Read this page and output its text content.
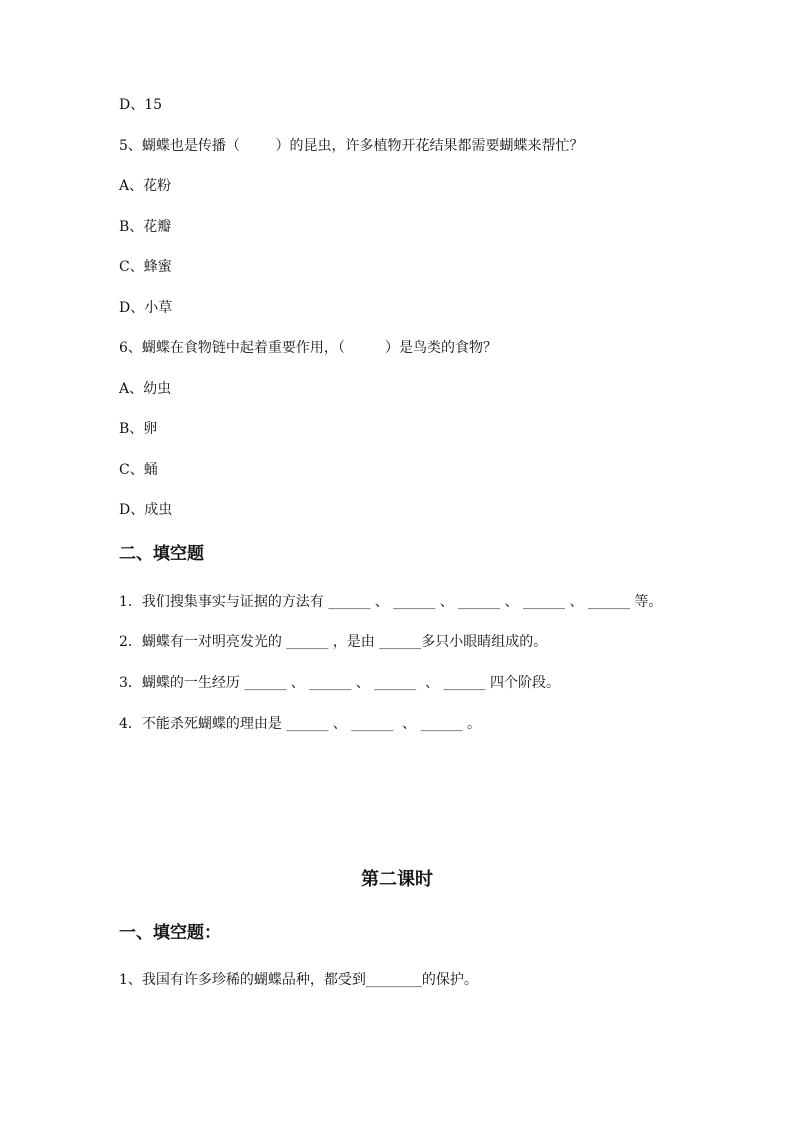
D、15
5、蝴蝶也是传播（        ）的昆虫，许多植物开花结果都需要蝴蝶来帮忙？
A、花粉
B、花瓣
C、蜂蜜
D、小草
6、蝴蝶在食物链中起着重要作用，（         ）是鸟类的食物？
A、幼虫
B、卵
C、蛹
D、成虫
二、填空题
1．我们搜集事实与证据的方法有 ______ 、 ______ 、 ______ 、 ______ 、 ______ 等。
2．蝴蝶有一对明亮发光的 ______ ，是由 ______多只小眼睛组成的。
3．蝴蝶的一生经历 ______ 、 ______ 、 ______  、 ______ 四个阶段。
4．不能杀死蝴蝶的理由是 ______ 、 ______  、 ______ 。
第二课时
一、填空题：
1、我国有许多珍稀的蝴蝶品种，都受到________的保护。
